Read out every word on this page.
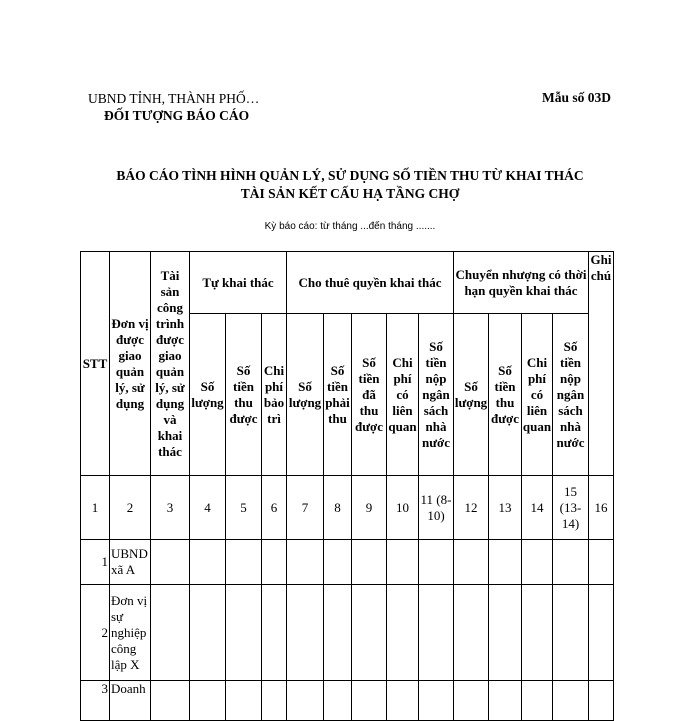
UBND TỈNH, THÀNH PHỐ…
ĐỐI TƯỢNG BÁO CÁO
Mẫu số 03D
BÁO CÁO TÌNH HÌNH QUẢN LÝ, SỬ DỤNG SỐ TIỀN THU TỪ KHAI THÁC
TÀI SẢN KẾT CẤU HẠ TẦNG CHỢ
Kỳ báo cáo: từ tháng ...đến tháng .......
STT	Đơn vị được giao quản lý, sử dụng	Tài sản công trình được giao quản lý, sử dụng và khai thác	Tự khai thác			Cho thuê quyền khai thác					Chuyển nhượng có thời hạn quyền khai thác				Ghi chú
			Số lượng	Số tiền thu được	Chi phí bảo trì	Số lượng	Số tiền phải thu	Số tiền đã thu được	Chi phí có liên quan	Số tiền nộp ngân sách nhà nước	Số lượng	Số tiền thu được	Chi phí có liên quan	Số tiền nộp ngân sách nhà nước	
1	2	3	4	5	6	7	8	9	10	11 (8-10)	12	13	14	15 (13-14)	16
1	UBND xã A														
2	Đơn vị sự nghiệp công lập X														
3	Doanh														
